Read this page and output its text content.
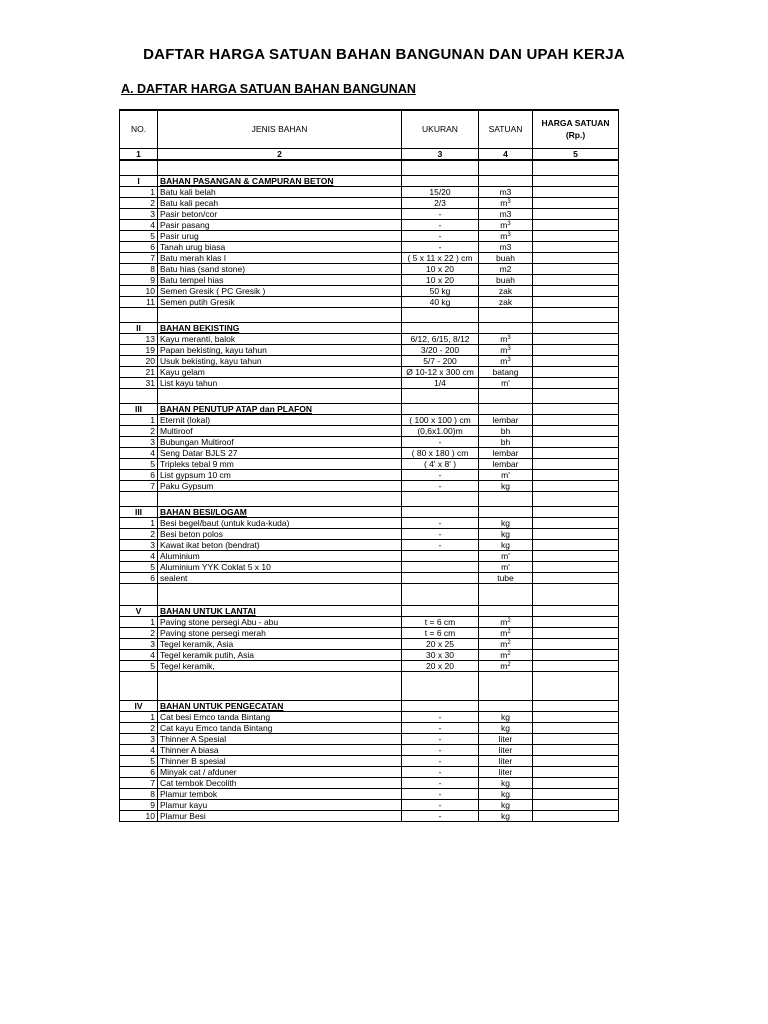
DAFTAR HARGA SATUAN BAHAN BANGUNAN DAN UPAH KERJA
A. DAFTAR HARGA SATUAN BAHAN BANGUNAN
NO.	JENIS BAHAN	UKURAN	SATUAN	HARGA SATUAN (Rp.)
1	2	3	4	5

I	BAHAN PASANGAN & CAMPURAN BETON			
1	Batu kali belah	15/20	m3	
2	Batu kali pecah	2/3	$m^3$	
3	Pasir beton/cor	-	m3	
4	Pasir pasang	-	$m^3$	
5	Pasir urug	-	$m^3$	
6	Tanah urug biasa	-	m3	
7	Batu merah klas I	( 5 x 11 x 22 ) cm	buah	
8	Batu hias (sand stone)	10 x 20	m2	
9	Batu tempel hias	10 x 20	buah	
10	Semen Gresik ( PC Gresik )	50 kg	zak	
11	Semen putih Gresik	40 kg	zak	

II	BAHAN BEKISTING			
13	Kayu meranti, balok	6/12, 6/15, 8/12	$m^3$	
19	Papan bekisting, kayu tahun	3/20 - 200	$m^3$	
20	Usuk bekisting, kayu tahun	5/7 - 200	$m^3$	
21	Kayu gelam	Ø 10-12 x 300 cm	batang	
31	List kayu tahun	1/4	m'	

III	BAHAN PENUTUP ATAP dan PLAFON			
1	Eternit (lokal)	( 100 x 100 ) cm	lembar	
2	Multiroof	(0,6x1.00)m	bh	
3	Bubungan Multiroof	-	bh	
4	Seng Datar BJLS 27	( 80 x 180 ) cm	lembar	
5	Tripleks tebal 9 mm	( 4' x 8' )	lembar	
6	List gypsum 10 cm	-	m'	
7	Paku Gypsum	-	kg	

III	BAHAN BESI/LOGAM			
1	Besi begel/baut (untuk kuda-kuda)	-	kg	
2	Besi beton polos	-	kg	
3	Kawat ikat beton (bendrat)	-	kg	
4	Aluminium		m'	
5	Aluminium YYK Coklat 5 x 10		m'	
6	sealent		tube	

V	BAHAN UNTUK LANTAI			
1	Paving stone persegi Abu - abu	t = 6 cm	$m^2$	
2	Paving stone persegi merah	t = 6 cm	$m^2$	
3	Tegel keramik, Asia	20 x 25	$m^2$	
4	Tegel keramik putih, Asia	30 x 30	$m^2$	
5	Tegel keramik,	20 x 20	$m^2$	

IV	BAHAN UNTUK PENGECATAN			
1	Cat besi Emco tanda Bintang	-	kg	
2	Cat kayu Emco tanda Bintang	-	kg	
3	Thinner A Spesial	-	liter	
4	Thinner A biasa	-	liter	
5	Thinner B spesial	-	liter	
6	Minyak cat / afduner	-	liter	
7	Cat tembok Decolith	-	kg	
8	Plamur tembok	-	kg	
9	Plamur kayu	-	kg	
10	Plamur Besi	-	kg	
